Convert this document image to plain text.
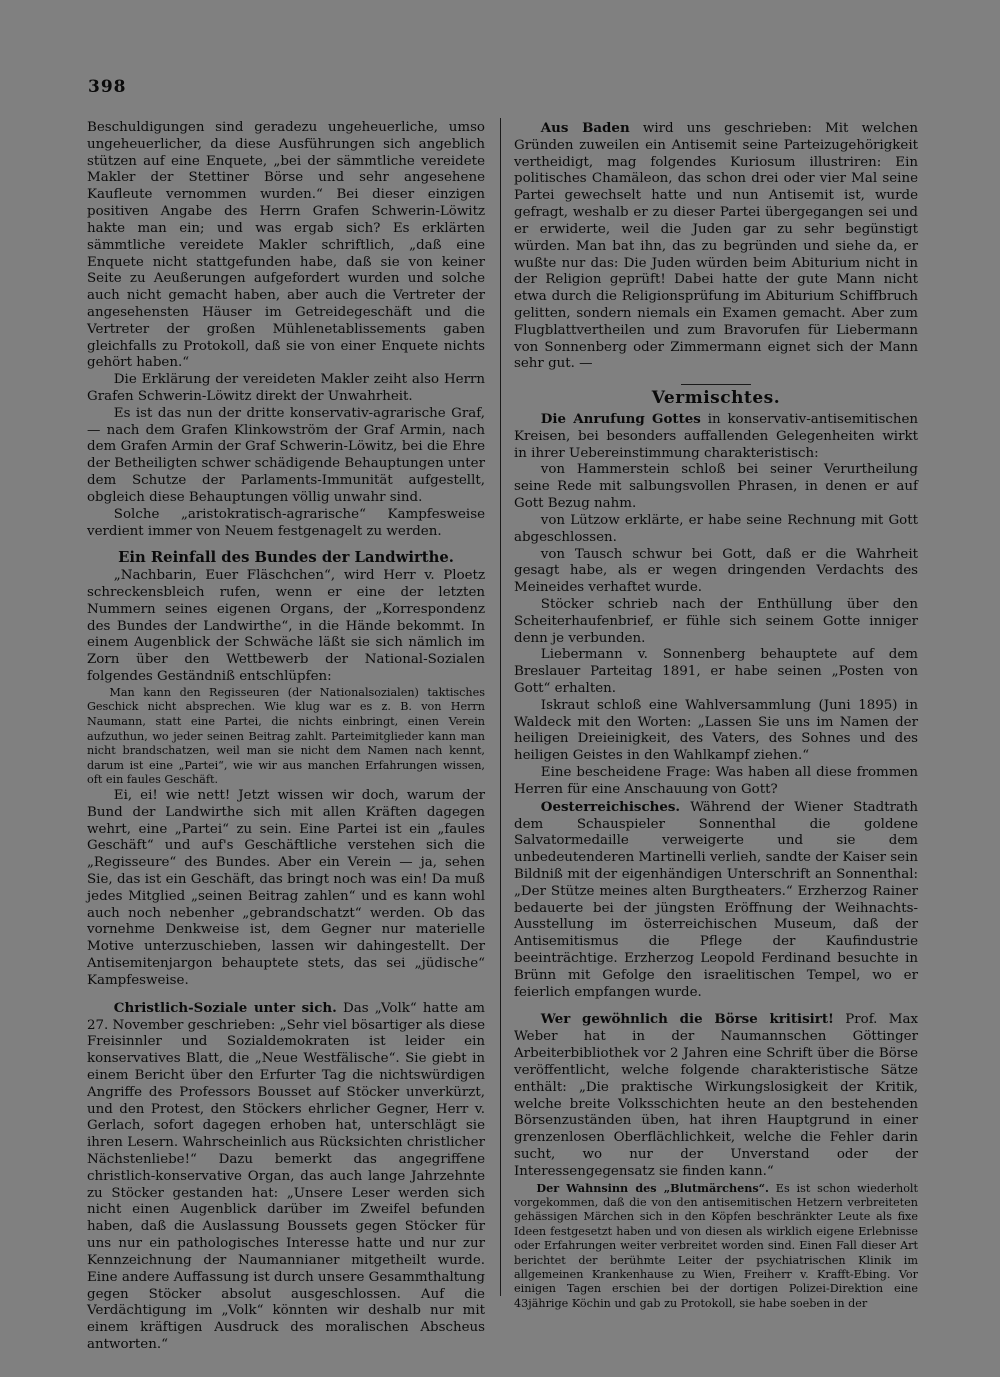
398

Beschuldigungen sind geradezu ungeheuerliche, umso ungeheuerlicher, da diese Ausführungen sich angeblich stützen auf eine Enquete, „bei der sämmtliche vereidete Makler der Stettiner Börse und sehr angesehene Kaufleute vernommen wurden.“ Bei dieser einzigen positiven Angabe des Herrn Grafen Schwerin-Löwitz hakte man ein; und was ergab sich? Es erklärten sämmtliche vereidete Makler schriftlich, „daß eine Enquete nicht stattgefunden habe, daß sie von keiner Seite zu Aeußerungen aufgefordert wurden und solche auch nicht gemacht haben, aber auch die Vertreter der angesehensten Häuser im Getreidegeschäft und die Vertreter der großen Mühlenetablissements gaben gleichfalls zu Protokoll, daß sie von einer Enquete nichts gehört haben.“

Die Erklärung der vereideten Makler zeiht also Herrn Grafen Schwerin-Löwitz direkt der Unwahrheit.

Es ist das nun der dritte konservativ-agrarische Graf, — nach dem Grafen Klinkowström der Graf Armin, nach dem Grafen Armin der Graf Schwerin-Löwitz, bei die Ehre der Betheiligten schwer schädigende Behauptungen unter dem Schutze der Parlaments-Immunität aufgestellt, obgleich diese Behauptungen völlig unwahr sind.

Solche „aristokratisch-agrarische“ Kampfesweise verdient immer von Neuem festgenagelt zu werden.

Ein Reinfall des Bundes der Landwirthe.

„Nachbarin, Euer Fläschchen“, wird Herr v. Ploetz schreckensbleich rufen, wenn er eine der letzten Nummern seines eigenen Organs, der „Korrespondenz des Bundes der Landwirthe“, in die Hände bekommt. In einem Augenblick der Schwäche läßt sie sich nämlich im Zorn über den Wettbewerb der National-Sozialen folgendes Geständniß entschlüpfen:

Man kann den Regisseuren (der Nationalsozialen) taktisches Geschick nicht absprechen. Wie klug war es z. B. von Herrn Naumann, statt eine Partei, die nichts einbringt, einen Verein aufzuthun, wo jeder seinen Beitrag zahlt. Parteimitglieder kann man nicht brandschatzen, weil man sie nicht dem Namen nach kennt, darum ist eine „Partei“, wie wir aus manchen Erfahrungen wissen, oft ein faules Geschäft.

Ei, ei! wie nett! Jetzt wissen wir doch, warum der Bund der Landwirthe sich mit allen Kräften dagegen wehrt, eine „Partei“ zu sein. Eine Partei ist ein „faules Geschäft“ und auf's Geschäftliche verstehen sich die „Regisseure“ des Bundes. Aber ein Verein — ja, sehen Sie, das ist ein Geschäft, das bringt noch was ein! Da muß jedes Mitglied „seinen Beitrag zahlen“ und es kann wohl auch noch nebenher „gebrandschatzt“ werden. Ob das vornehme Denkweise ist, dem Gegner nur materielle Motive unterzuschieben, lassen wir dahingestellt. Der Antisemitenjargon behauptete stets, das sei „jüdische“ Kampfesweise.

Christlich-Soziale unter sich. Das „Volk“ hatte am 27. November geschrieben: „Sehr viel bösartiger als diese Freisinnler und Sozialdemokraten ist leider ein konservatives Blatt, die „Neue Westfälische“. Sie giebt in einem Bericht über den Erfurter Tag die nichtswürdigen Angriffe des Professors Bousset auf Stöcker unverkürzt, und den Protest, den Stöckers ehrlicher Gegner, Herr v. Gerlach, sofort dagegen erhoben hat, unterschlägt sie ihren Lesern. Wahrscheinlich aus Rücksichten christlicher Nächstenliebe!“ Dazu bemerkt das angegriffene christlich-konservative Organ, das auch lange Jahrzehnte zu Stöcker gestanden hat: „Unsere Leser werden sich nicht einen Augenblick darüber im Zweifel befunden haben, daß die Auslassung Boussets gegen Stöcker für uns nur ein pathologisches Interesse hatte und nur zur Kennzeichnung der Naumannianer mitgetheilt wurde. Eine andere Auffassung ist durch unsere Gesammthaltung gegen Stöcker absolut ausgeschlossen. Auf die Verdächtigung im „Volk“ könnten wir deshalb nur mit einem kräftigen Ausdruck des moralischen Abscheus antworten.“

Aus Baden wird uns geschrieben: Mit welchen Gründen zuweilen ein Antisemit seine Parteizugehörigkeit vertheidigt, mag folgendes Kuriosum illustriren: Ein politisches Chamäleon, das schon drei oder vier Mal seine Partei gewechselt hatte und nun Antisemit ist, wurde gefragt, weshalb er zu dieser Partei übergegangen sei und er erwiderte, weil die Juden gar zu sehr begünstigt würden. Man bat ihn, das zu begründen und siehe da, er wußte nur das: Die Juden würden beim Abiturium nicht in der Religion geprüft! Dabei hatte der gute Mann nicht etwa durch die Religionsprüfung im Abiturium Schiffbruch gelitten, sondern niemals ein Examen gemacht. Aber zum Flugblattvertheilen und zum Bravorufen für Liebermann von Sonnenberg oder Zimmermann eignet sich der Mann sehr gut. —

Vermischtes.

Die Anrufung Gottes in konservativ-antisemitischen Kreisen, bei besonders auffallenden Gelegenheiten wirkt in ihrer Uebereinstimmung charakteristisch:

von Hammerstein schloß bei seiner Verurtheilung seine Rede mit salbungsvollen Phrasen, in denen er auf Gott Bezug nahm.

von Lützow erklärte, er habe seine Rechnung mit Gott abgeschlossen.

von Tausch schwur bei Gott, daß er die Wahrheit gesagt habe, als er wegen dringenden Verdachts des Meineides verhaftet wurde.

Stöcker schrieb nach der Enthüllung über den Scheiterhaufenbrief, er fühle sich seinem Gotte inniger denn je verbunden.

Liebermann v. Sonnenberg behauptete auf dem Breslauer Parteitag 1891, er habe seinen „Posten von Gott“ erhalten.

Iskraut schloß eine Wahlversammlung (Juni 1895) in Waldeck mit den Worten: „Lassen Sie uns im Namen der heiligen Dreieinigkeit, des Vaters, des Sohnes und des heiligen Geistes in den Wahlkampf ziehen.“

Eine bescheidene Frage: Was haben all diese frommen Herren für eine Anschauung von Gott?

Oesterreichisches. Während der Wiener Stadtrath dem Schauspieler Sonnenthal die goldene Salvatormedaille verweigerte und sie dem unbedeutenderen Martinelli verlieh, sandte der Kaiser sein Bildniß mit der eigenhändigen Unterschrift an Sonnenthal: „Der Stütze meines alten Burgtheaters.“ Erzherzog Rainer bedauerte bei der jüngsten Eröffnung der Weihnachts-Ausstellung im österreichischen Museum, daß der Antisemitismus die Pflege der Kaufindustrie beeinträchtige. Erzherzog Leopold Ferdinand besuchte in Brünn mit Gefolge den israelitischen Tempel, wo er feierlich empfangen wurde.

Wer gewöhnlich die Börse kritisirt! Prof. Max Weber hat in der Naumannschen Göttinger Arbeiterbibliothek vor 2 Jahren eine Schrift über die Börse veröffentlicht, welche folgende charakteristische Sätze enthält: „Die praktische Wirkungslosigkeit der Kritik, welche breite Volksschichten heute an den bestehenden Börsenzuständen üben, hat ihren Hauptgrund in einer grenzenlosen Oberflächlichkeit, welche die Fehler darin sucht, wo nur der Unverstand oder der Interessengegensatz sie finden kann.“

Der Wahnsinn des „Blutmärchens“. Es ist schon wiederholt vorgekommen, daß die von den antisemitischen Hetzern verbreiteten gehässigen Märchen sich in den Köpfen beschränkter Leute als fixe Ideen festgesetzt haben und von diesen als wirklich eigene Erlebnisse oder Erfahrungen weiter verbreitet worden sind. Einen Fall dieser Art berichtet der berühmte Leiter der psychiatrischen Klinik im allgemeinen Krankenhause zu Wien, Freiherr v. Krafft-Ebing. Vor einigen Tagen erschien bei der dortigen Polizei-Direktion eine 43jährige Köchin und gab zu Protokoll, sie habe soeben in der
